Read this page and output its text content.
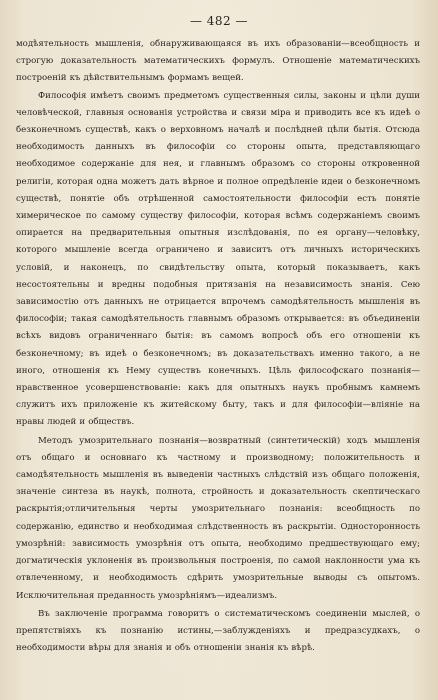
— 482 —

модѣятельность мышленія, обнаруживающаяся въ ихъ образованіи—всеобщность и строгую доказательность математическихъ формулъ. Отношеніе математическихъ построеній къ дѣйствительнымъ формамъ вещей.

Философія имѣетъ своимъ предметомъ существенныя силы, законы и цѣли души человѣческой, главныя основанія устройства и связи міра и приводить все къ идеѣ о безконечномъ существѣ, какъ о верховномъ началѣ и послѣдней цѣли бытія. Отсюда необходимость данныхъ въ философіи со стороны опыта, представляющаго необходимое содержаніе для нея, и главнымъ образомъ со стороны откровенной религіи, которая одна можетъ дать вѣрное и полное опредѣленіе идеи о безконечномъ существѣ, понятіе объ отрѣшенной самостоятельности философіи есть понятіе химерическое по самому существу философіи, которая всѣмъ содержаніемъ своимъ опирается на предварительныя опытныя изслѣдованія, по ея органу—человѣку, которого мышленіе всегда ограничено и зависитъ отъ личныхъ историческихъ условій, и наконецъ, по свидѣтельству опыта, который показываетъ, какъ несостоятельны и вредны подобныя притязанія на независимость знанія. Сею зависимостію отъ данныхъ не отрицается впрочемъ самодѣятельность мышленія въ философіи; такая самодѣятельность главнымъ образомъ открывается: въ объединеніи всѣхъ видовъ ограниченнаго бытія: въ самомъ вопросѣ объ его отношеніи къ безконечному; въ идеѣ о безконечномъ; въ доказательствахъ именно такого, а не иного, отношенія къ Нему существъ конечныхъ. Цѣль философскаго познанія—нравственное усовершенствованіе: какъ для опытныхъ наукъ пробнымъ камнемъ служитъ ихъ приложеніе къ житейскому быту, такъ и для философіи—вліяніе на нравы людей и обществъ.

Методъ умозрительнаго познанія—возвратный (синтетическій) ходъ мышленія отъ общаго и основнаго къ частному и производному; положительность и самодѣятельность мышленія въ выведеніи частныхъ слѣдствій изъ общаго положенія, значеніе синтеза въ наукѣ, полнота, стройность и доказательность скептическаго раскрытія;отличительныя черты умозрительнаго познанія: всеобщность по содержанію, единство и необходимая слѣдственность въ раскрытіи. Односторонность умозрѣній: зависимость умозрѣнія отъ опыта, необходимо предшествующаго ему; догматическія уклоненія въ произвольныя построенія, по самой наклонности ума къ отвлеченному, и необходимость сдѣрить умозрительные выводы съ опытомъ. Исключительная преданность умозрѣніямъ—идеализмъ.

Въ заключеніе программа говоритъ о систематическомъ соединеніи мыслей, о препятствіяхъ къ познанію истины,—заблужденіяхъ и предразсудкахъ, о необходимости вѣры для знанія и объ отношеніи знанія къ вѣрѣ.
